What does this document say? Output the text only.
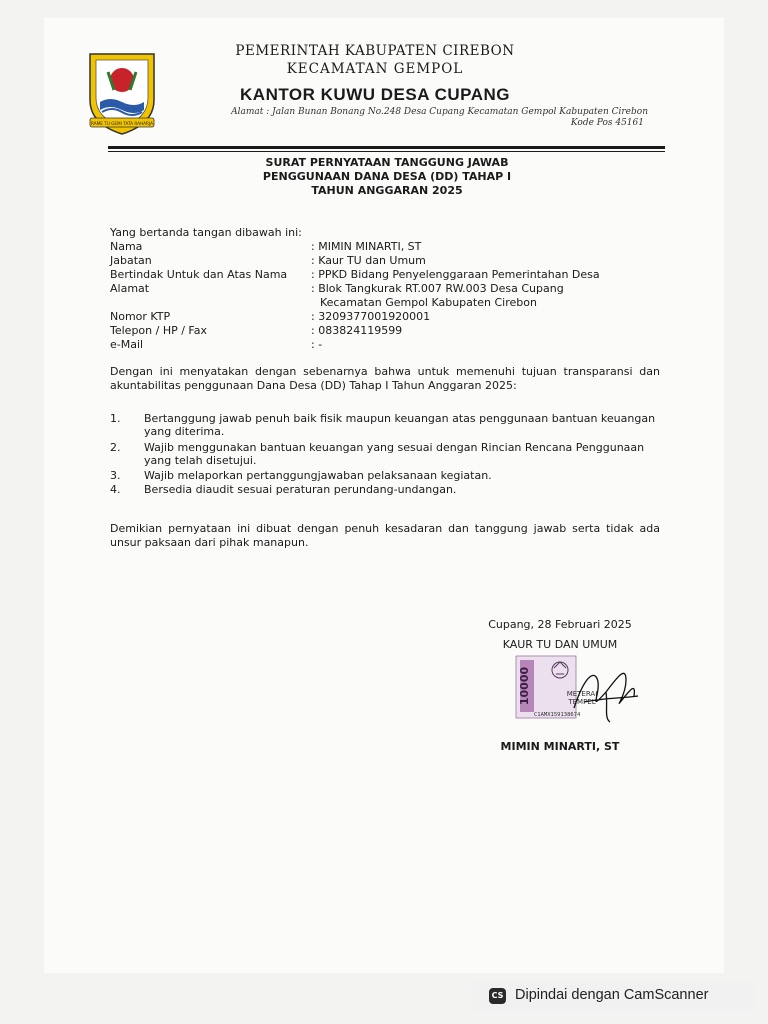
RAME TU GEMI TATA RAHARJA
PEMERINTAH KABUPATEN CIREBON
KECAMATAN GEMPOL
KANTOR KUWU DESA CUPANG
Alamat : Jalan Bunan Bonang No.248 Desa Cupang Kecamatan Gempol Kabupaten Cirebon
Kode Pos 45161
SURAT PERNYATAAN TANGGUNG JAWAB
PENGGUNAAN DANA DESA (DD) TAHAP I
TAHUN ANGGARAN 2025
Yang bertanda tangan dibawah ini:
Nama	: MIMIN MINARTI, ST
Jabatan	: Kaur TU dan Umum
Bertindak Untuk dan Atas Nama : PPKD Bidang Penyelenggaraan Pemerintahan Desa
Alamat	: Blok Tangkurak RT.007 RW.003 Desa Cupang
Kecamatan Gempol Kabupaten Cirebon
Nomor KTP	: 3209377001920001
Telepon / HP / Fax	: 083824119599
e-Mail	: -
Dengan ini menyatakan dengan sebenarnya bahwa untuk memenuhi tujuan transparansi dan akuntabilitas penggunaan Dana Desa (DD) Tahap I Tahun Anggaran 2025:
1. Bertanggung jawab penuh baik fisik maupun keuangan atas penggunaan bantuan keuangan yang diterima.
2. Wajib menggunakan bantuan keuangan yang sesuai dengan Rincian Rencana Penggunaan yang telah disetujui.
3. Wajib melaporkan pertanggungjawaban pelaksanaan kegiatan.
4. Bersedia diaudit sesuai peraturan perundang-undangan.
Demikian pernyataan ini dibuat dengan penuh kesadaran dan tanggung jawab serta tidak ada unsur paksaan dari pihak manapun.
Cupang, 28 Februari 2025
KAUR TU DAN UMUM
10000	METERAI
TEMPEL
C1AMX159138674
MIMIN MINARTI, ST
CS Dipindai dengan CamScanner
